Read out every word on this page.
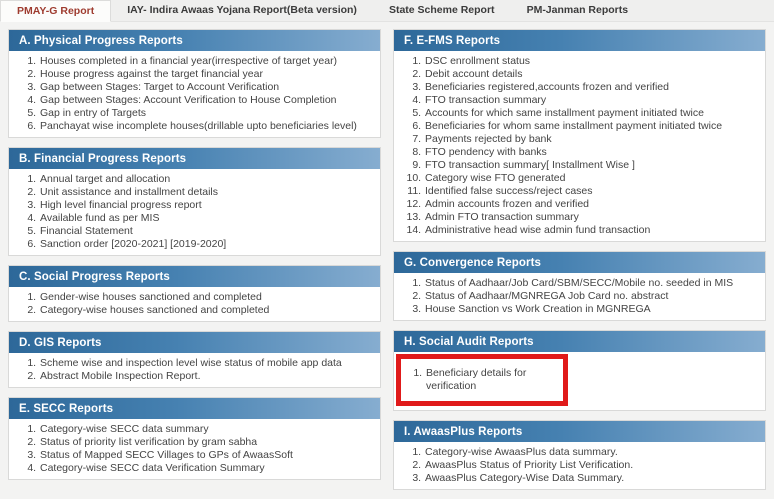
PMAY-G Report	IAY- Indira Awaas Yojana Report(Beta version)	State Scheme Report	PM-Janman Reports
A. Physical Progress Reports
1. Houses completed in a financial year(irrespective of target year)
2. House progress against the target financial year
3. Gap between Stages: Target to Account Verification
4. Gap between Stages: Account Verification to House Completion
5. Gap in entry of Targets
6. Panchayat wise incomplete houses(drillable upto beneficiaries level)
B. Financial Progress Reports
1. Annual target and allocation
2. Unit assistance and installment details
3. High level financial progress report
4. Available fund as per MIS
5. Financial Statement
6. Sanction order [2020-2021] [2019-2020]
C. Social Progress Reports
1. Gender-wise houses sanctioned and completed
2. Category-wise houses sanctioned and completed
D. GIS Reports
1. Scheme wise and inspection level wise status of mobile app data
2. Abstract Mobile Inspection Report.
E. SECC Reports
1. Category-wise SECC data summary
2. Status of priority list verification by gram sabha
3. Status of Mapped SECC Villages to GPs of AwaasSoft
4. Category-wise SECC data Verification Summary
F. E-FMS Reports
1. DSC enrollment status
2. Debit account details
3. Beneficiaries registered,accounts frozen and verified
4. FTO transaction summary
5. Accounts for which same installment payment initiated twice
6. Beneficiaries for whom same installment payment initiated twice
7. Payments rejected by bank
8. FTO pendency with banks
9. FTO transaction summary[ Installment Wise ]
10. Category wise FTO generated
11. Identified false success/reject cases
12. Admin accounts frozen and verified
13. Admin FTO transaction summary
14. Administrative head wise admin fund transaction
G. Convergence Reports
1. Status of Aadhaar/Job Card/SBM/SECC/Mobile no. seeded in MIS
2. Status of Aadhaar/MGNREGA Job Card no. abstract
3. House Sanction vs Work Creation in MGNREGA
H. Social Audit Reports
1. Beneficiary details for verification
I. AwaasPlus Reports
1. Category-wise AwaasPlus data summary.
2. AwaasPlus Status of Priority List Verification.
3. AwaasPlus Category-Wise Data Summary.
